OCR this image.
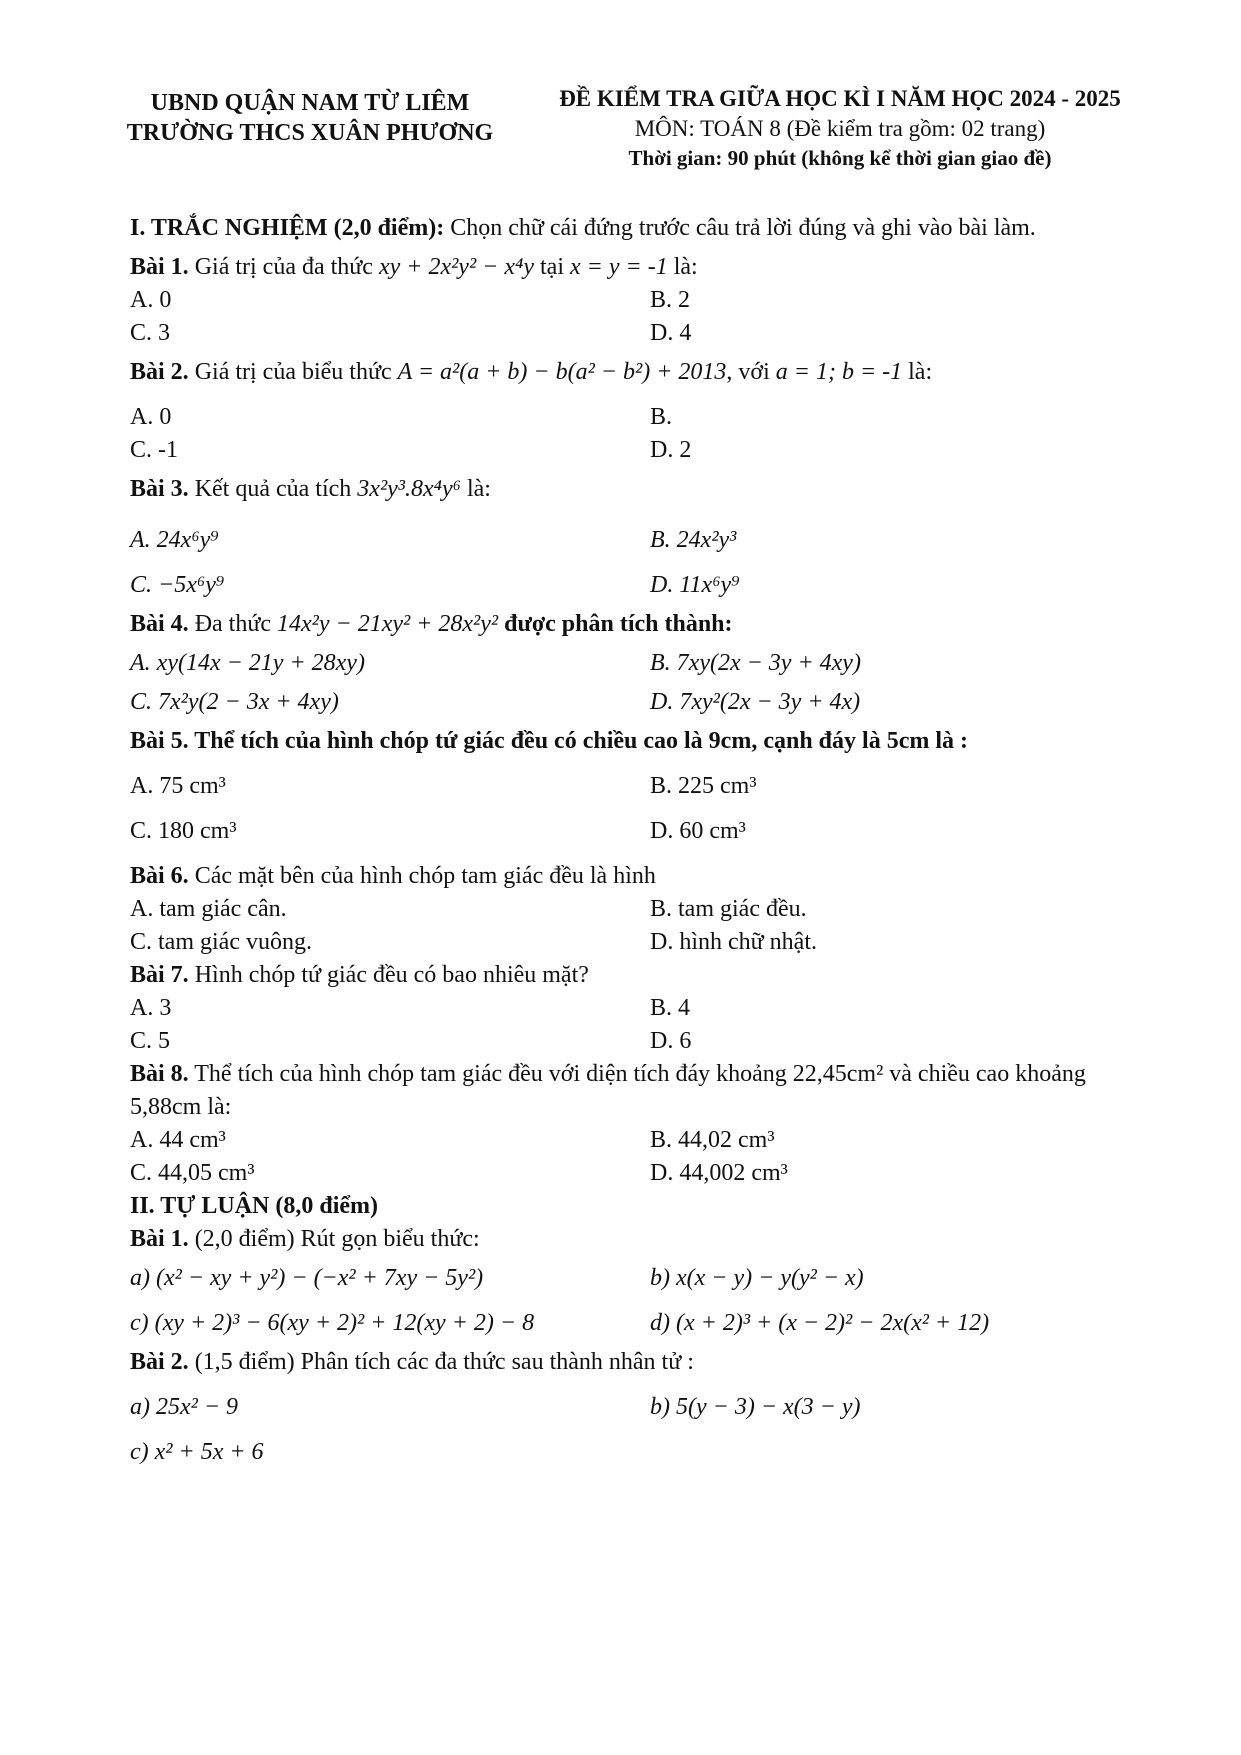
UBND QUẬN NAM TỪ LIÊM
TRƯỜNG THCS XUÂN PHƯƠNG
ĐỀ KIỂM TRA GIỮA HỌC KÌ I NĂM HỌC 2024 - 2025
MÔN: TOÁN 8 (Đề kiểm tra gồm: 02 trang)
Thời gian: 90 phút (không kể thời gian giao đề)

I. TRẮC NGHIỆM (2,0 điểm): Chọn chữ cái đứng trước câu trả lời đúng và ghi vào bài làm.

Bài 1. Giá trị của đa thức xy + 2x²y² − x⁴y tại x = y = -1 là:

A. 0	B. 2
C. 3	D. 4

Bài 2. Giá trị của biểu thức A = a²(a + b) − b(a² − b²) + 2013, với a = 1; b = -1 là:

A. 0	B.
C. -1	D. 2

Bài 3. Kết quả của tích 3x²y³.8x⁴y⁶ là:

A. 24x⁶y⁹	B. 24x²y³
C. −5x⁶y⁹	D. 11x⁶y⁹

Bài 4. Đa thức 14x²y − 21xy² + 28x²y² được phân tích thành:

A. xy(14x − 21y + 28xy)	B. 7xy(2x − 3y + 4xy)
C. 7x²y(2 − 3x + 4xy)	D. 7xy²(2x − 3y + 4x)

Bài 5. Thể tích của hình chóp tứ giác đều có chiều cao là 9cm, cạnh đáy là 5cm là :

A. 75 cm³	B. 225 cm³
C. 180 cm³	D. 60 cm³

Bài 6. Các mặt bên của hình chóp tam giác đều là hình

A. tam giác cân.	B. tam giác đều.
C. tam giác vuông.	D. hình chữ nhật.

Bài 7. Hình chóp tứ giác đều có bao nhiêu mặt?

A. 3	B. 4
C. 5	D. 6

Bài 8. Thể tích của hình chóp tam giác đều với diện tích đáy khoảng 22,45cm² và chiều cao khoảng 5,88cm là:

A. 44 cm³	B. 44,02 cm³
C. 44,05 cm³	D. 44,002 cm³

II. TỰ LUẬN (8,0 điểm)

Bài 1. (2,0 điểm) Rút gọn biểu thức:

a) (x² − xy + y²) − (−x² + 7xy − 5y²)	b) x(x − y) − y(y² − x)
c) (xy + 2)³ − 6(xy + 2)² + 12(xy + 2) − 8	d) (x + 2)³ + (x − 2)² − 2x(x² + 12)

Bài 2. (1,5 điểm) Phân tích các đa thức sau thành nhân tử :

a) 25x² − 9	b) 5(y − 3) − x(3 − y)
c) x² + 5x + 6
